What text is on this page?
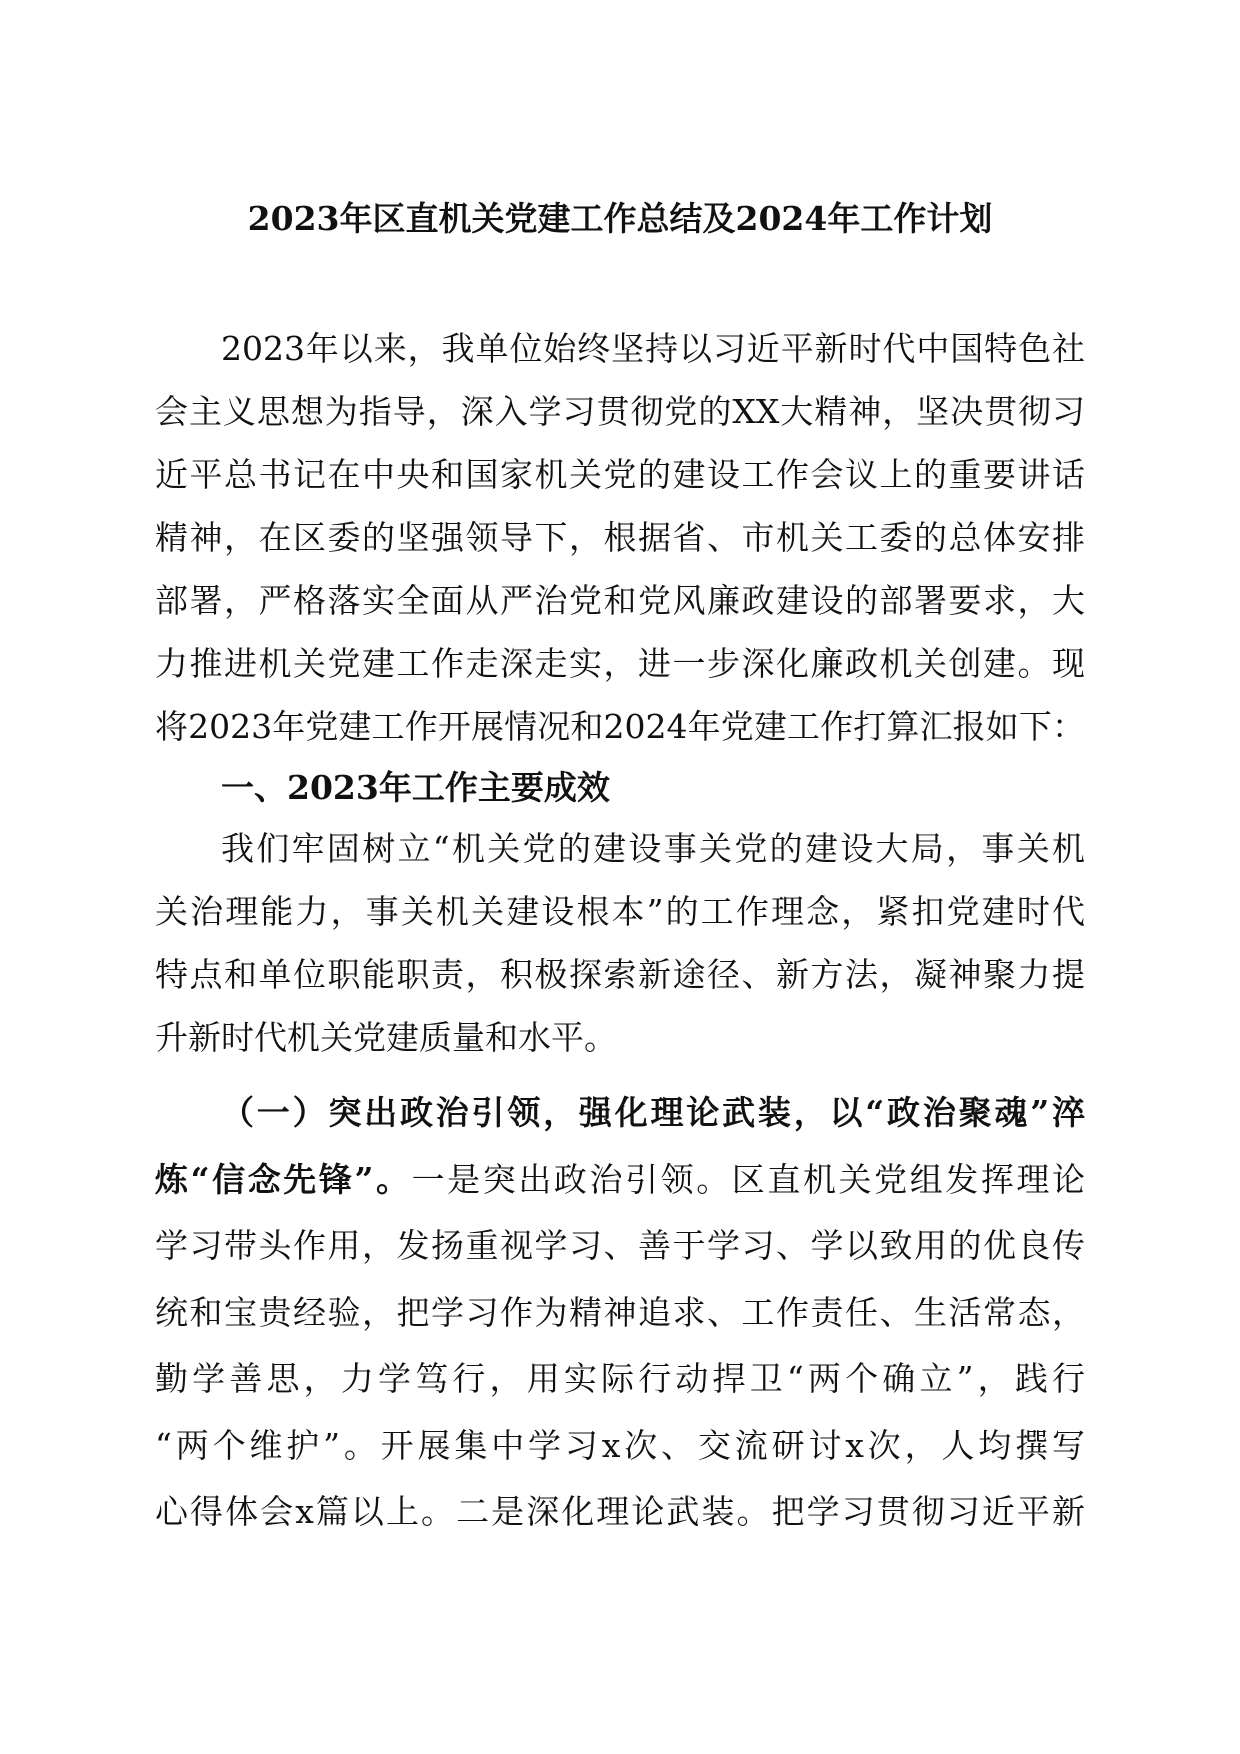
2023年区直机关党建工作总结及2024年工作计划
2023年以来，我单位始终坚持以习近平新时代中国特色社
会主义思想为指导，深入学习贯彻党的XX大精神，坚决贯彻习
近平总书记在中央和国家机关党的建设工作会议上的重要讲话
精神，在区委的坚强领导下，根据省、市机关工委的总体安排
部署，严格落实全面从严治党和党风廉政建设的部署要求，大
力推进机关党建工作走深走实，进一步深化廉政机关创建。现
将2023年党建工作开展情况和2024年党建工作打算汇报如下：
一、2023年工作主要成效
我们牢固树立“机关党的建设事关党的建设大局，事关机
关治理能力，事关机关建设根本”的工作理念，紧扣党建时代
特点和单位职能职责，积极探索新途径、新方法，凝神聚力提
升新时代机关党建质量和水平。
（一）突出政治引领，强化理论武装，以“政治聚魂”淬
炼“信念先锋”。一是突出政治引领。区直机关党组发挥理论
学习带头作用，发扬重视学习、善于学习、学以致用的优良传
统和宝贵经验，把学习作为精神追求、工作责任、生活常态，
勤学善思，力学笃行，用实际行动捍卫“两个确立”，践行
“两个维护”。开展集中学习x次、交流研讨x次，人均撰写
心得体会x篇以上。二是深化理论武装。把学习贯彻习近平新
